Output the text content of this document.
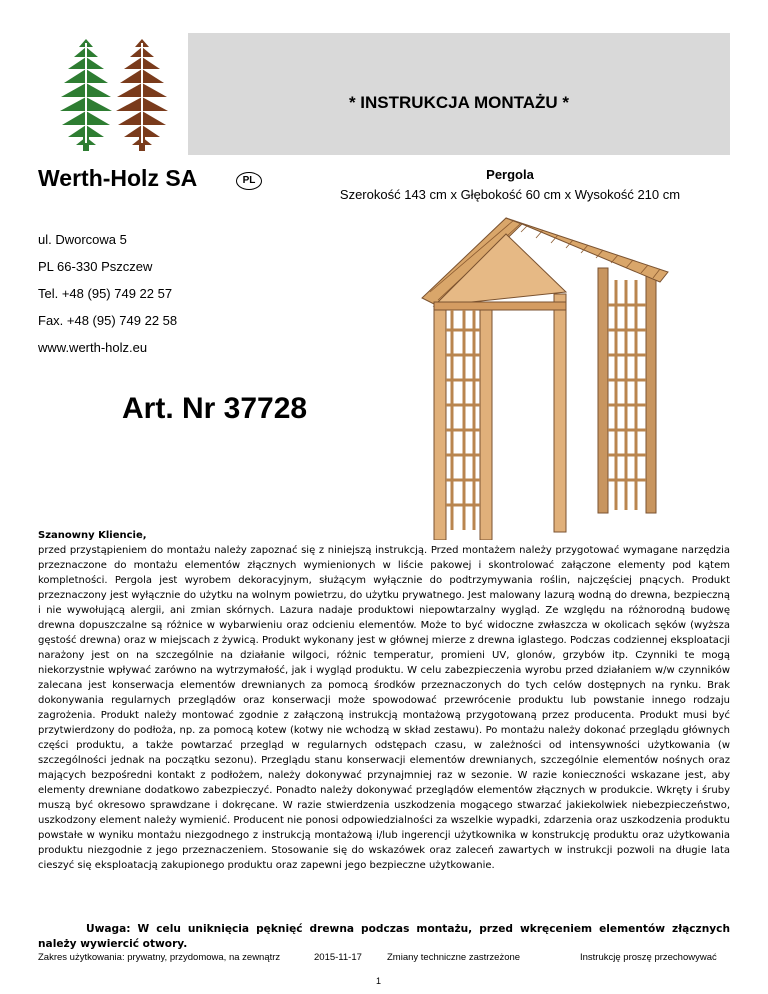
* INSTRUKCJA MONTAŻU *
Werth-Holz SA	PL	Pergola
Szerokość 143 cm x Głębokość 60 cm x Wysokość 210 cm
ul. Dworcowa 5
PL 66-330 Pszczew
Tel. +48 (95) 749 22 57
Fax. +48 (95) 749 22 58
www.werth-holz.eu
Art. Nr 37728
Szanowny Kliencie,
przed przystąpieniem do montażu należy zapoznać się z niniejszą instrukcją. Przed montażem należy przygotować wymagane narzędzia przeznaczone do montażu elementów złącznych wymienionych w liście pakowej i skontrolować załączone elementy pod kątem kompletności. Pergola jest wyrobem dekoracyjnym, służącym wyłącznie do podtrzymywania roślin, najczęściej pnących. Produkt przeznaczony jest wyłącznie do użytku na wolnym powietrzu, do użytku prywatnego. Jest malowany lazurą wodną do drewna, bezpieczną i nie wywołującą alergii, ani zmian skórnych. Lazura nadaje produktowi niepowtarzalny wygląd. Ze względu na różnorodną budowę drewna dopuszczalne są różnice w wybarwieniu oraz odcieniu elementów. Może to być widoczne zwłaszcza w okolicach sęków (wyższa gęstość drewna) oraz w miejscach z żywicą. Produkt wykonany jest w głównej mierze z drewna iglastego. Podczas codziennej eksploatacji narażony jest on na szczególnie na działanie wilgoci, różnic temperatur, promieni UV, glonów, grzybów itp. Czynniki te mogą niekorzystnie wpływać zarówno na wytrzymałość, jak i wygląd produktu. W celu zabezpieczenia wyrobu przed działaniem w/w czynników zalecana jest konserwacja elementów drewnianych za pomocą środków przeznaczonych do tych celów dostępnych na rynku. Brak dokonywania regularnych przeglądów oraz konserwacji może spowodować przewrócenie produktu lub powstanie innego rodzaju zagrożenia. Produkt należy montować zgodnie z załączoną instrukcją montażową przygotowaną przez producenta. Produkt musi być przytwierdzony do podłoża, np. za pomocą kotew (kotwy nie wchodzą w skład zestawu). Po montażu należy dokonać przeglądu głównych części produktu, a także powtarzać przegląd w regularnych odstępach czasu, w zależności od intensywności użytkowania (w szczególności jednak na początku sezonu). Przeglądu stanu konserwacji elementów drewnianych, szczególnie elementów nośnych oraz mających bezpośredni kontakt z podłożem, należy dokonywać przynajmniej raz w sezonie. W razie konieczności wskazane jest, aby elementy drewniane dodatkowo zabezpieczyć. Ponadto należy dokonywać przeglądów elementów złącznych w produkcie. Wkręty i śruby muszą być okresowo sprawdzane i dokręcane. W razie stwierdzenia uszkodzenia mogącego stwarzać jakiekolwiek niebezpieczeństwo, uszkodzony element należy wymienić. Producent nie ponosi odpowiedzialności za wszelkie wypadki, zdarzenia oraz uszkodzenia produktu powstałe w wyniku montażu niezgodnego z instrukcją montażową i/lub ingerencji użytkownika w konstrukcję produktu oraz użytkowania produktu niezgodnie z jego przeznaczeniem. Stosowanie się do wskazówek oraz zaleceń zawartych w instrukcji pozwoli na długie lata cieszyć się eksploatacją zakupionego produktu oraz zapewni jego bezpieczne użytkowanie.
Uwaga: W celu uniknięcia pęknięć drewna podczas montażu, przed wkręceniem elementów złącznych należy wywiercić otwory.
Zakres użytkowania: prywatny, przydomowa, na zewnątrz	2015-11-17	Zmiany techniczne zastrzeżone	Instrukcję proszę przechowywać
1
